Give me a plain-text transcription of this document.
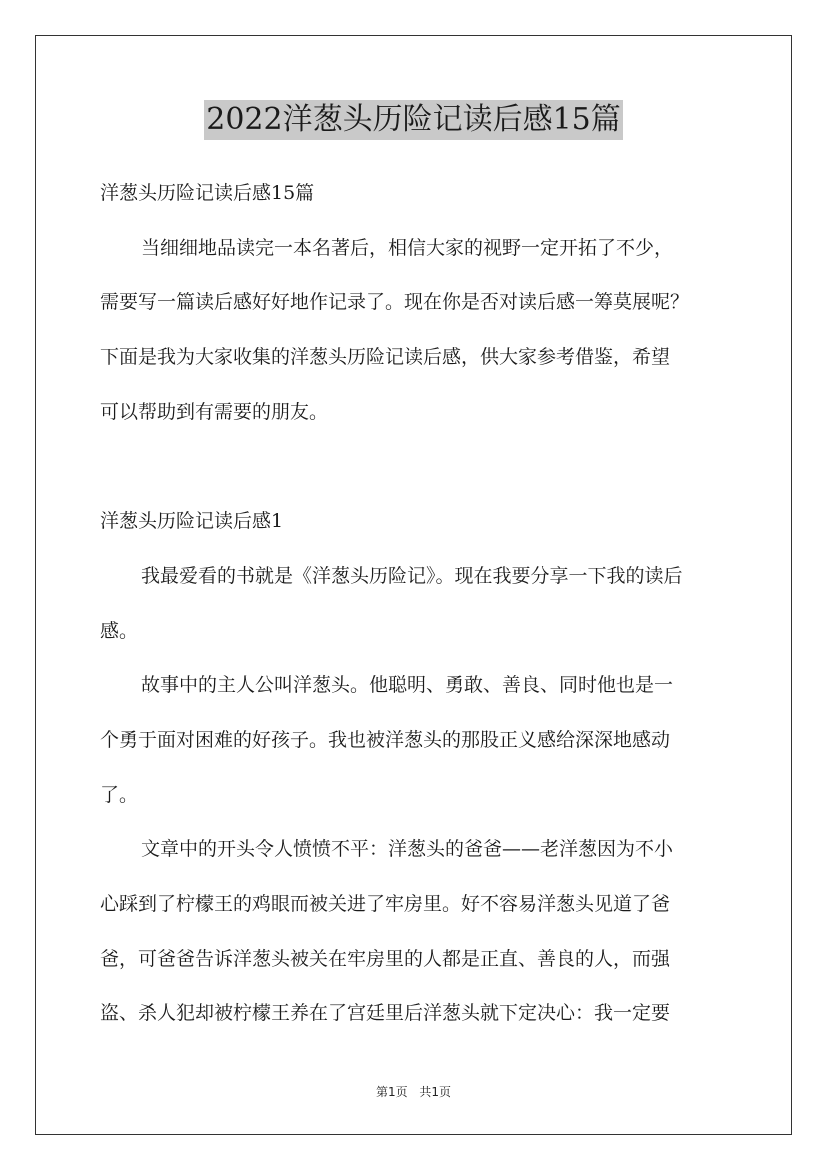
2022洋葱头历险记读后感15篇
洋葱头历险记读后感15篇
当细细地品读完一本名著后，相信大家的视野一定开拓了不少，
需要写一篇读后感好好地作记录了。现在你是否对读后感一筹莫展呢？
下面是我为大家收集的洋葱头历险记读后感，供大家参考借鉴，希望
可以帮助到有需要的朋友。
洋葱头历险记读后感1
我最爱看的书就是《洋葱头历险记》。现在我要分享一下我的读后
感。
故事中的主人公叫洋葱头。他聪明、勇敢、善良、同时他也是一
个勇于面对困难的好孩子。我也被洋葱头的那股正义感给深深地感动
了。
文章中的开头令人愤愤不平：洋葱头的爸爸——老洋葱因为不小
心踩到了柠檬王的鸡眼而被关进了牢房里。好不容易洋葱头见道了爸
爸，可爸爸告诉洋葱头被关在牢房里的人都是正直、善良的人，而强
盗、杀人犯却被柠檬王养在了宫廷里后洋葱头就下定决心：我一定要
第1页 共1页
